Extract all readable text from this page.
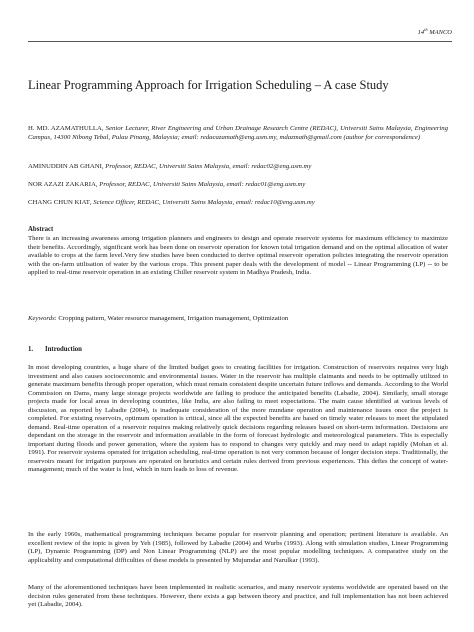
14th MANCO
Linear Programming Approach for Irrigation Scheduling – A case Study

H. MD. AZAMATHULLA, Senior Lecturer, River Engineering and Urban Drainage Research Centre (REDAC), Universiti Sains Malaysia, Engineering Campus, 14300 Nibong Tebal, Pulau Pinang, Malaysia; email: redacazamath@eng.usm.my, mdazmath@gmail.com (author for correspondence)

AMINUDDIN AB GHANI, Professor, REDAC, Universiti Sains Malaysia, email: redac02@eng.usm.my

NOR AZAZI ZAKARIA, Professor, REDAC, Universiti Sains Malaysia, email: redac01@eng.usm.my

CHANG CHUN KIAT, Science Officer, REDAC, Universiti Sains Malaysia, email: redac10@eng.usm.my

Abstract

There is an increasing awareness among irrigation planners and engineers to design and operate reservoir systems for maximum efficiency to maximize their benefits. Accordingly, significant work has been done on reservoir operation for known total irrigation demand and on the optimal allocation of water available to crops at the farm level.Very few studies have been conducted to derive optimal reservoir operation policies integrating the reservoir operation with the on-farm utilisation of water by the various crops. This present paper deals with the development of model -- Linear Programming (LP) -- to be applied to real-time reservoir operation in an existing Chiller reservoir system in Madhya Pradesh, India.

Keywords: Cropping pattern, Water resource management, Irrigation management, Optimization

1. Introduction

In most developing countries, a huge share of the limited budget goes to creating facilities for irrigation. Construction of reservoirs requires very high investment and also causes socioeconomic and environmental issues. Water in the reservoir has multiple claimants and needs to be optimally utilized to generate maximum benefits through proper operation, which must remain consistent despite uncertain future inflows and demands. According to the World Commission on Dams, many large storage projects worldwide are failing to produce the anticipated benefits (Labadie, 2004). Similarly, small storage projects made for local areas in developing countries, like India, are also failing to meet expectations. The main cause identified at various levels of discussion, as reported by Labadie (2004), is inadequate consideration of the more mundane operation and maintenance issues once the project is completed. For existing reservoirs, optimum operation is critical, since all the expected benefits are based on timely water releases to meet the stipulated demand. Real-time operation of a reservoir requires making relatively quick decisions regarding releases based on short-term information. Decisions are dependant on the storage in the reservoir and information available in the form of forecast hydrologic and meteorological parameters. This is especially important during floods and power generation, where the system has to respond to changes very quickly and may need to adapt rapidly (Mohan et al. 1991). For reservoir systems operated for irrigation scheduling, real-time operation is not very common because of longer decision steps. Traditionally, the reservoirs meant for irrigation purposes are operated on heuristics and certain rules derived from previous experiences. This defies the concept of water-management; much of the water is lost, which in turn leads to loss of revenue.

In the early 1960s, mathematical programming techniques became popular for reservoir planning and operation; pertinent literature is available. An excellent review of the topic is given by Yeh (1985), followed by Labadie (2004) and Wurbs (1993). Along with simulation studies, Linear Programming (LP), Dynamic Programming (DP) and Non Linear Programming (NLP) are the most popular modelling techniques. A comparative study on the applicability and computational difficulties of these models is presented by Mujumdar and Narulkar (1993).

Many of the aforementioned techniques have been implemented in realistic scenarios, and many reservoir systems worldwide are operated based on the decision rules generated from these techniques. However, there exists a gap between theory and practice, and full implementation has not been achieved yet (Labadie, 2004).
